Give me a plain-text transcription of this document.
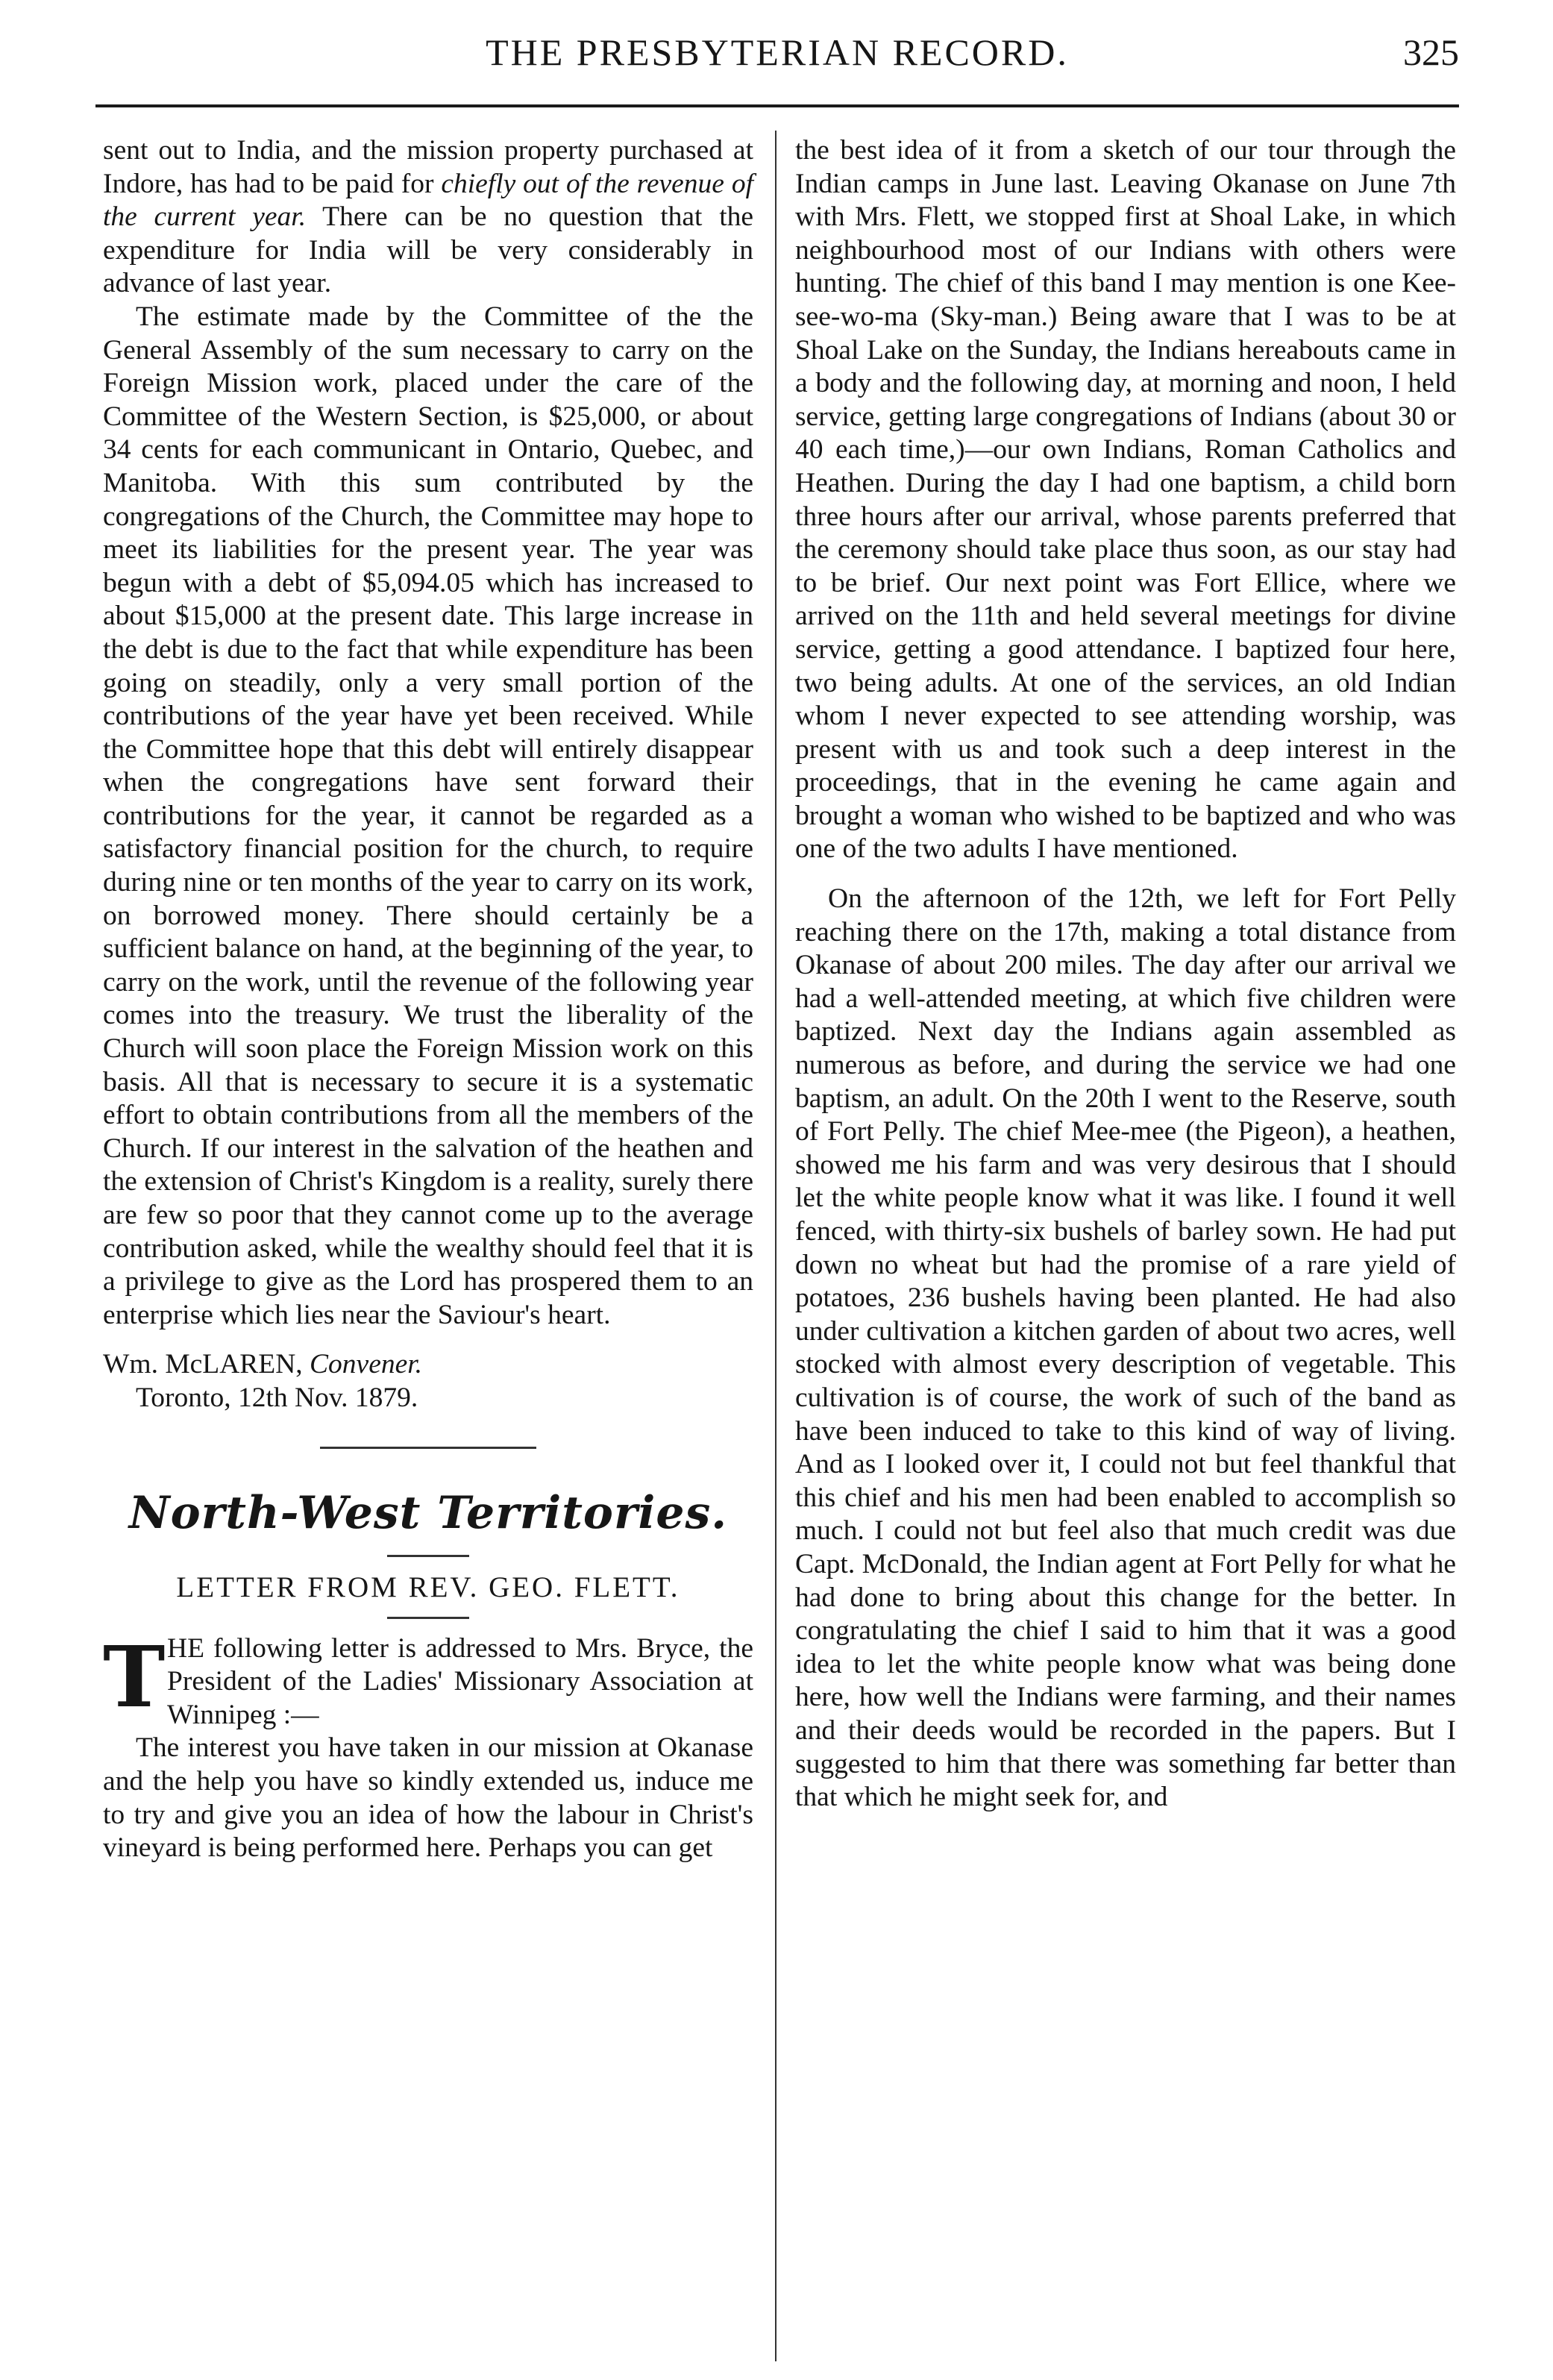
THE PRESBYTERIAN RECORD.	325

sent out to India, and the mission property purchased at Indore, has had to be paid for chiefly out of the revenue of the current year. There can be no question that the expenditure for India will be very considerably in advance of last year.

The estimate made by the Committee of the the General Assembly of the sum necessary to carry on the Foreign Mission work, placed under the care of the Committee of the Western Section, is $25,000, or about 34 cents for each communicant in Ontario, Quebec, and Manitoba. With this sum contributed by the congregations of the Church, the Committee may hope to meet its liabilities for the present year. The year was begun with a debt of $5,094.05 which has increased to about $15,000 at the present date. This large increase in the debt is due to the fact that while expenditure has been going on steadily, only a very small portion of the contributions of the year have yet been received. While the Committee hope that this debt will entirely disappear when the congregations have sent forward their contributions for the year, it cannot be regarded as a satisfactory financial position for the church, to require during nine or ten months of the year to carry on its work, on borrowed money. There should certainly be a sufficient balance on hand, at the beginning of the year, to carry on the work, until the revenue of the following year comes into the treasury. We trust the liberality of the Church will soon place the Foreign Mission work on this basis. All that is necessary to secure it is a systematic effort to obtain contributions from all the members of the Church. If our interest in the salvation of the heathen and the extension of Christ's Kingdom is a reality, surely there are few so poor that they cannot come up to the average contribution asked, while the wealthy should feel that it is a privilege to give as the Lord has prospered them to an enterprise which lies near the Saviour's heart.

Wm. McLAREN, Convener.

Toronto, 12th Nov. 1879.

North-West Territories.
LETTER FROM REV. GEO. FLETT.
T HE following letter is addressed to Mrs. Bryce, the President of the Ladies' Missionary Association at Winnipeg :—

The interest you have taken in our mission at Okanase and the help you have so kindly extended us, induce me to try and give you an idea of how the labour in Christ's vineyard is being performed here. Perhaps you can get

the best idea of it from a sketch of our tour through the Indian camps in June last. Leaving Okanase on June 7th with Mrs. Flett, we stopped first at Shoal Lake, in which neighbourhood most of our Indians with others were hunting. The chief of this band I may mention is one Kee-see-wo-ma (Sky-man.) Being aware that I was to be at Shoal Lake on the Sunday, the Indians hereabouts came in a body and the following day, at morning and noon, I held service, getting large congregations of Indians (about 30 or 40 each time,)—our own Indians, Roman Catholics and Heathen. During the day I had one baptism, a child born three hours after our arrival, whose parents preferred that the ceremony should take place thus soon, as our stay had to be brief. Our next point was Fort Ellice, where we arrived on the 11th and held several meetings for divine service, getting a good attendance. I baptized four here, two being adults. At one of the services, an old Indian whom I never expected to see attending worship, was present with us and took such a deep interest in the proceedings, that in the evening he came again and brought a woman who wished to be baptized and who was one of the two adults I have mentioned.

On the afternoon of the 12th, we left for Fort Pelly reaching there on the 17th, making a total distance from Okanase of about 200 miles. The day after our arrival we had a well-attended meeting, at which five children were baptized. Next day the Indians again assembled as numerous as before, and during the service we had one baptism, an adult. On the 20th I went to the Reserve, south of Fort Pelly. The chief Mee-mee (the Pigeon), a heathen, showed me his farm and was very desirous that I should let the white people know what it was like. I found it well fenced, with thirty-six bushels of barley sown. He had put down no wheat but had the promise of a rare yield of potatoes, 236 bushels having been planted. He had also under cultivation a kitchen garden of about two acres, well stocked with almost every description of vegetable. This cultivation is of course, the work of such of the band as have been induced to take to this kind of way of living. And as I looked over it, I could not but feel thankful that this chief and his men had been enabled to accomplish so much. I could not but feel also that much credit was due Capt. McDonald, the Indian agent at Fort Pelly for what he had done to bring about this change for the better. In congratulating the chief I said to him that it was a good idea to let the white people know what was being done here, how well the Indians were farming, and their names and their deeds would be recorded in the papers. But I suggested to him that there was something far better than that which he might seek for, and
